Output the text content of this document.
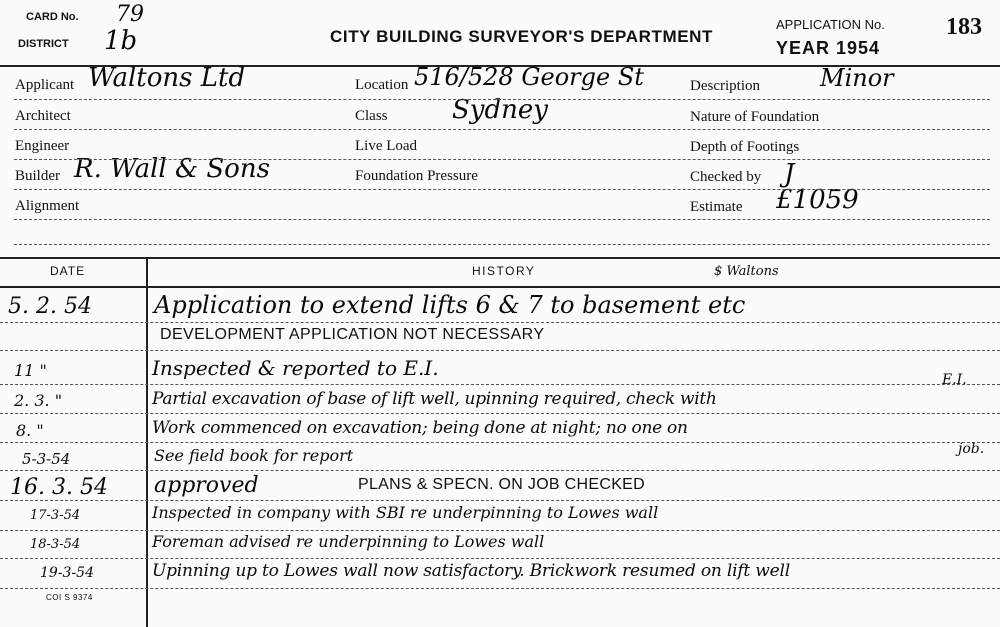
CARD No. 79
DISTRICT 1b	CITY BUILDING SURVEYOR'S DEPARTMENT
APPLICATION No.	183
YEAR 1954
Applicant Waltons Ltd	Location 516/528 George St	Description	Minor
Architect	Class Sydney	Nature of Foundation
Engineer	Live Load	Depth of Footings
Builder R. Wall & Sons	Foundation Pressure	Checked by J
Alignment	Estimate £1059
DATE	HISTORY	$ Waltons
5. 2. 54	Application to extend lifts 6 & 7 to basement etc
DEVELOPMENT APPLICATION NOT NECESSARY
11 "	Inspected & reported to E.I.
2. 3. "	Partial excavation of base of lift well, upinning required, check with
E.I.
8. "	Work commenced on excavation; being done at night; no one on
job.
5-3-54	See field book for report
16. 3. 54 approved	PLANS & SPECN. ON JOB CHECKED
17-3-54	Inspected in company with SBI re underpinning to Lowes wall
18-3-54	Foreman advised re underpinning to Lowes wall
19-3-54	Upinning up to Lowes wall now satisfactory. Brickwork resumed on lift well
COI S 9374
